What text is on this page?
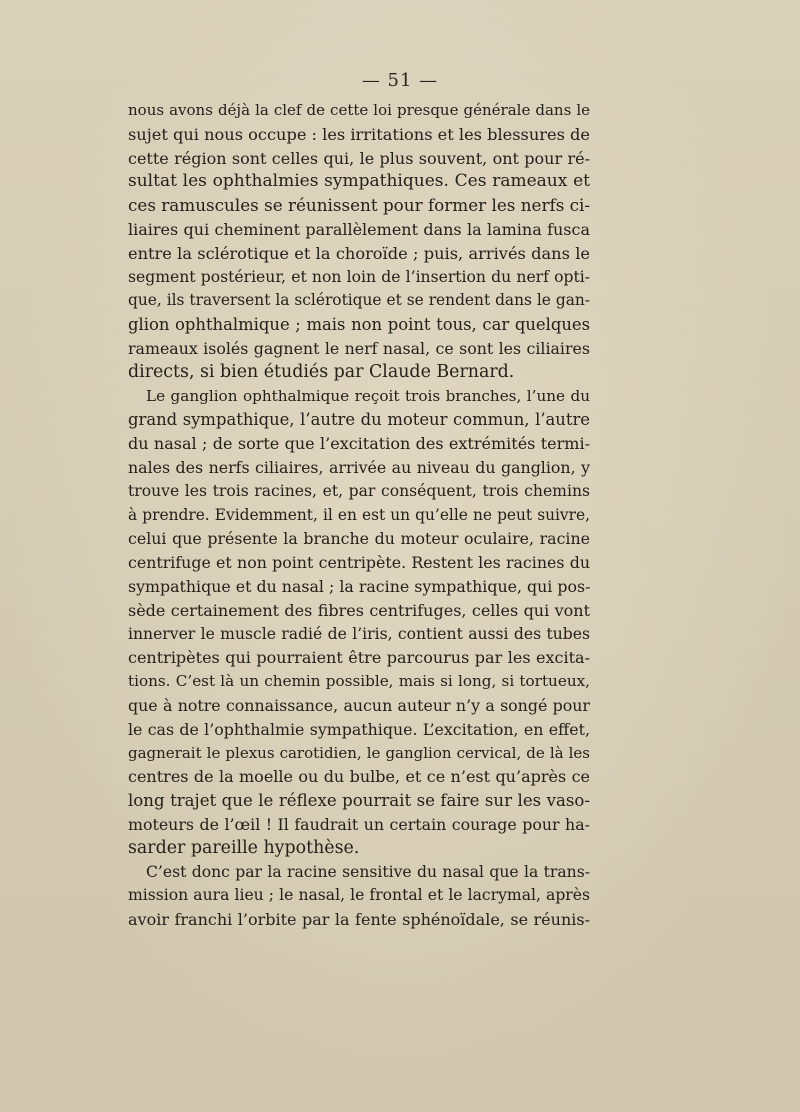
— 51 —
nous avons déjà la clef de cette loi presque générale dans le
sujet qui nous occupe : les irritations et les blessures de
cette région sont celles qui, le plus souvent, ont pour ré-
sultat les ophthalmies sympathiques. Ces rameaux et
ces ramuscules se réunissent pour former les nerfs ci-
liaires qui cheminent parallèlement dans la lamina fusca
entre la sclérotique et la choroïde ; puis, arrivés dans le
segment postérieur, et non loin de l’insertion du nerf opti-
que, ils traversent la sclérotique et se rendent dans le gan-
glion ophthalmique ; mais non point tous, car quelques
rameaux isolés gagnent le nerf nasal, ce sont les ciliaires
directs, si bien étudiés par Claude Bernard.
Le ganglion ophthalmique reçoit trois branches, l’une du
grand sympathique, l’autre du moteur commun, l’autre
du nasal ; de sorte que l’excitation des extrémités termi-
nales des nerfs ciliaires, arrivée au niveau du ganglion, y
trouve les trois racines, et, par conséquent, trois chemins
à prendre. Evidemment, il en est un qu’elle ne peut suivre,
celui que présente la branche du moteur oculaire, racine
centrifuge et non point centripète. Restent les racines du
sympathique et du nasal ; la racine sympathique, qui pos-
sède certainement des fibres centrifuges, celles qui vont
innerver le muscle radié de l’iris, contient aussi des tubes
centripètes qui pourraient être parcourus par les excita-
tions. C’est là un chemin possible, mais si long, si tortueux,
que à notre connaissance, aucun auteur n’y a songé pour
le cas de l’ophthalmie sympathique. L’excitation, en effet,
gagnerait le plexus carotidien, le ganglion cervical, de là les
centres de la moelle ou du bulbe, et ce n’est qu’après ce
long trajet que le réflexe pourrait se faire sur les vaso-
moteurs de l’œil ! Il faudrait un certain courage pour ha-
sarder pareille hypothèse.
C’est donc par la racine sensitive du nasal que la trans-
mission aura lieu ; le nasal, le frontal et le lacrymal, après
avoir franchi l’orbite par la fente sphénoïdale, se réunis-
